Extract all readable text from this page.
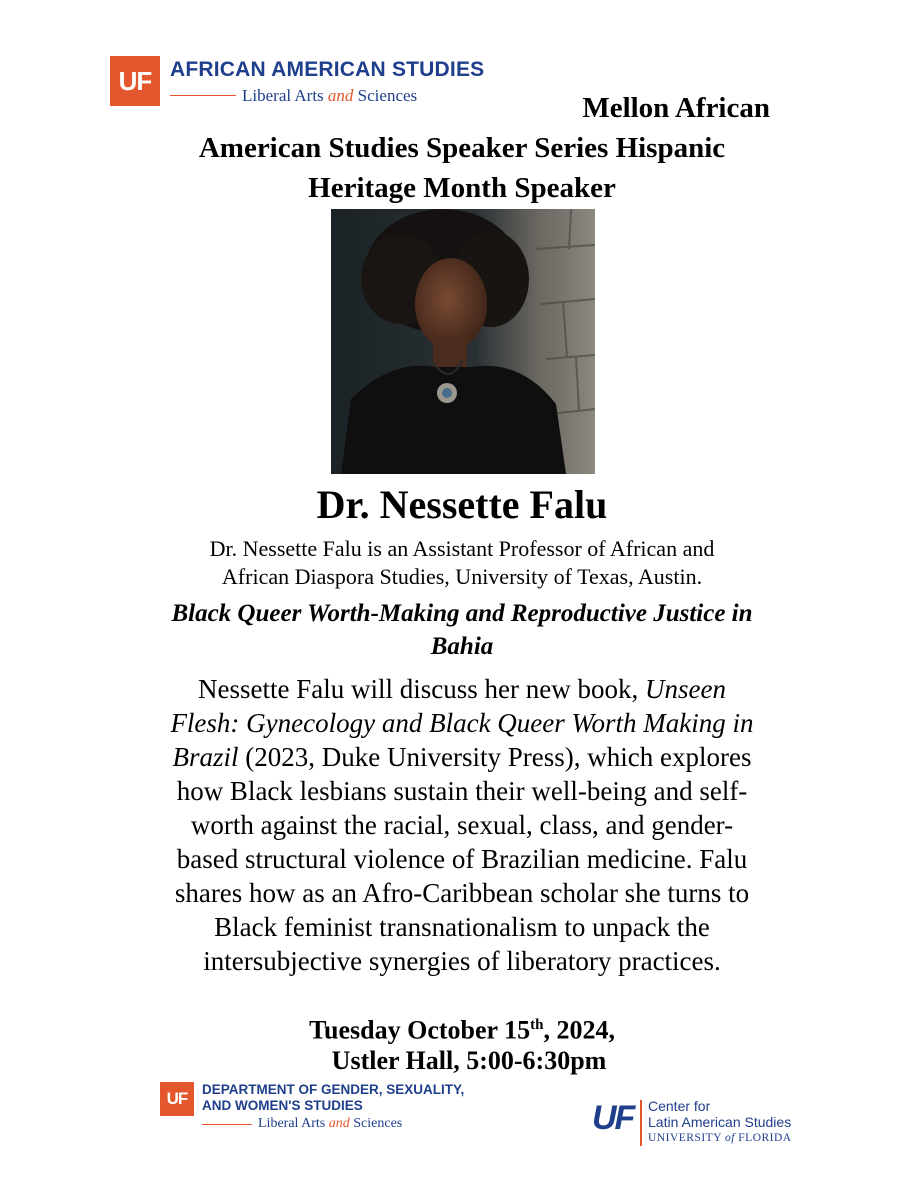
UF AFRICAN AMERICAN STUDIES
Liberal Arts and Sciences	Mellon African
American Studies Speaker Series Hispanic
Heritage Month Speaker
Dr. Nessette Falu
Dr. Nessette Falu is an Assistant Professor of African and
African Diaspora Studies, University of Texas, Austin.
Black Queer Worth-Making and Reproductive Justice in
Bahia
Nessette Falu will discuss her new book, Unseen
Flesh: Gynecology and Black Queer Worth Making in
Brazil (2023, Duke University Press), which explores
how Black lesbians sustain their well-being and self-
worth against the racial, sexual, class, and gender-
based structural violence of Brazilian medicine. Falu
shares how as an Afro-Caribbean scholar she turns to
Black feminist transnationalism to unpack the
intersubjective synergies of liberatory practices.
Tuesday October 15th, 2024,
Ustler Hall, 5:00-6:30pm
UF	DEPARTMENT OF GENDER, SEXUALITY,
AND WOMEN'S STUDIES
Liberal Arts and Sciences	UF Center for
Latin American Studies
UNIVERSITY of FLORIDA
